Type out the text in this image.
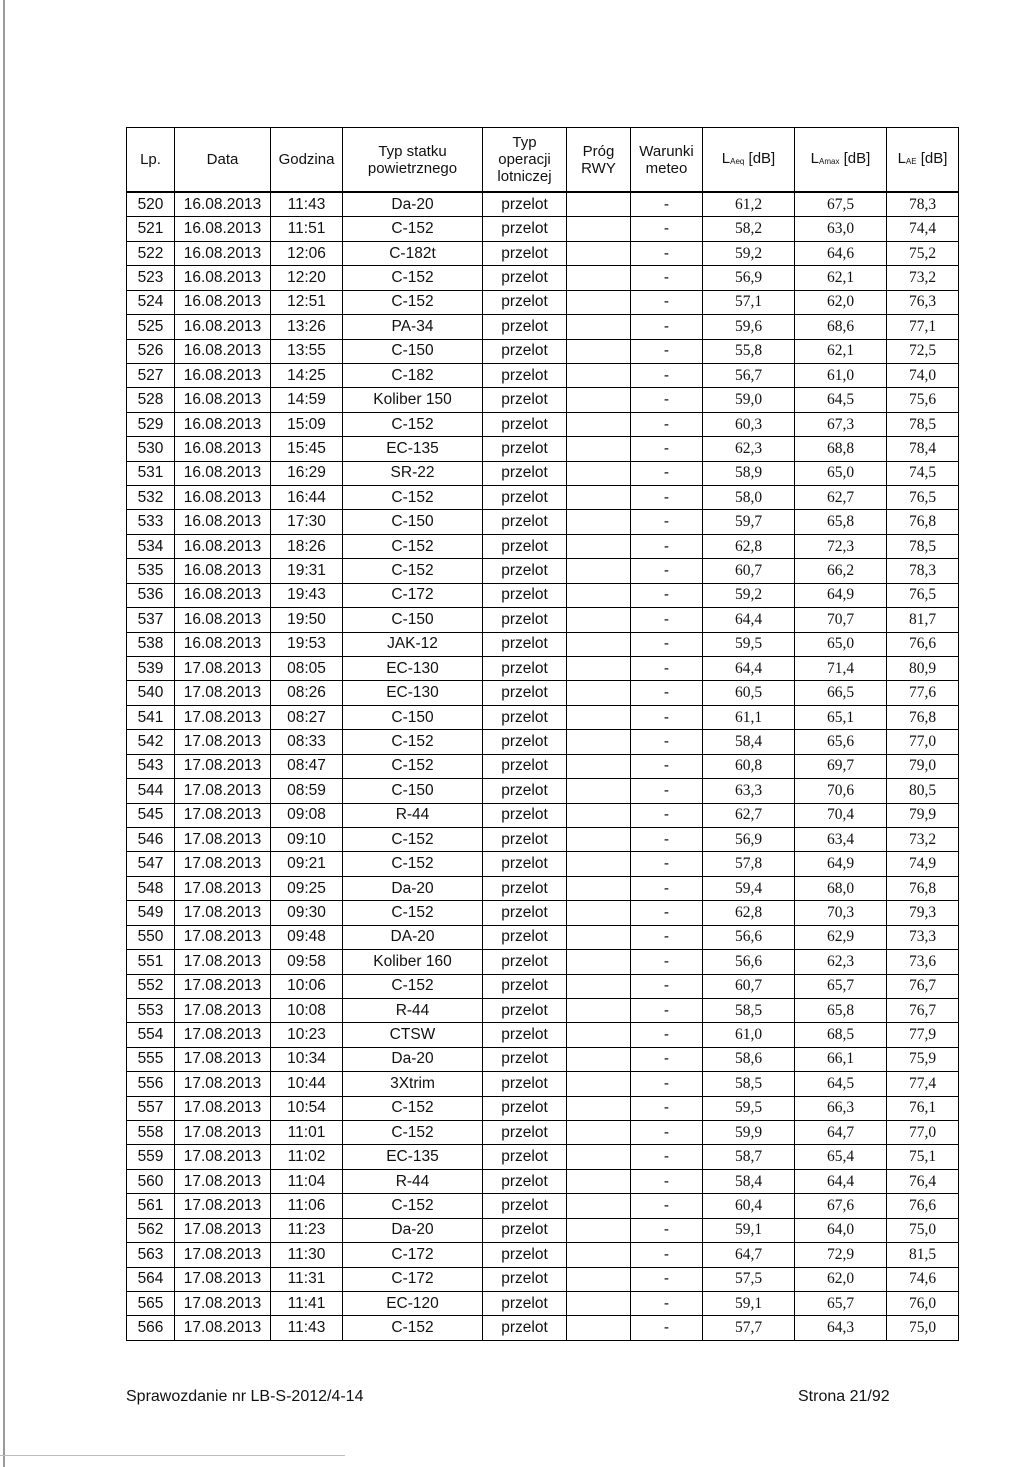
Lp.	Data	Godzina	Typ statku powietrznego	Typ operacji lotniczej	Próg RWY	Warunki meteo	$L_{Aeq}$ [dB]	$L_{Amax}$ [dB]	$L_{AE}$ [dB]
520	16.08.2013	11:43	Da-20	przelot		-	61,2	67,5	78,3
521	16.08.2013	11:51	C-152	przelot		-	58,2	63,0	74,4
522	16.08.2013	12:06	C-182t	przelot		-	59,2	64,6	75,2
523	16.08.2013	12:20	C-152	przelot		-	56,9	62,1	73,2
524	16.08.2013	12:51	C-152	przelot		-	57,1	62,0	76,3
525	16.08.2013	13:26	PA-34	przelot		-	59,6	68,6	77,1
526	16.08.2013	13:55	C-150	przelot		-	55,8	62,1	72,5
527	16.08.2013	14:25	C-182	przelot		-	56,7	61,0	74,0
528	16.08.2013	14:59	Koliber 150	przelot		-	59,0	64,5	75,6
529	16.08.2013	15:09	C-152	przelot		-	60,3	67,3	78,5
530	16.08.2013	15:45	EC-135	przelot		-	62,3	68,8	78,4
531	16.08.2013	16:29	SR-22	przelot		-	58,9	65,0	74,5
532	16.08.2013	16:44	C-152	przelot		-	58,0	62,7	76,5
533	16.08.2013	17:30	C-150	przelot		-	59,7	65,8	76,8
534	16.08.2013	18:26	C-152	przelot		-	62,8	72,3	78,5
535	16.08.2013	19:31	C-152	przelot		-	60,7	66,2	78,3
536	16.08.2013	19:43	C-172	przelot		-	59,2	64,9	76,5
537	16.08.2013	19:50	C-150	przelot		-	64,4	70,7	81,7
538	16.08.2013	19:53	JAK-12	przelot		-	59,5	65,0	76,6
539	17.08.2013	08:05	EC-130	przelot		-	64,4	71,4	80,9
540	17.08.2013	08:26	EC-130	przelot		-	60,5	66,5	77,6
541	17.08.2013	08:27	C-150	przelot		-	61,1	65,1	76,8
542	17.08.2013	08:33	C-152	przelot		-	58,4	65,6	77,0
543	17.08.2013	08:47	C-152	przelot		-	60,8	69,7	79,0
544	17.08.2013	08:59	C-150	przelot		-	63,3	70,6	80,5
545	17.08.2013	09:08	R-44	przelot		-	62,7	70,4	79,9
546	17.08.2013	09:10	C-152	przelot		-	56,9	63,4	73,2
547	17.08.2013	09:21	C-152	przelot		-	57,8	64,9	74,9
548	17.08.2013	09:25	Da-20	przelot		-	59,4	68,0	76,8
549	17.08.2013	09:30	C-152	przelot		-	62,8	70,3	79,3
550	17.08.2013	09:48	DA-20	przelot		-	56,6	62,9	73,3
551	17.08.2013	09:58	Koliber 160	przelot		-	56,6	62,3	73,6
552	17.08.2013	10:06	C-152	przelot		-	60,7	65,7	76,7
553	17.08.2013	10:08	R-44	przelot		-	58,5	65,8	76,7
554	17.08.2013	10:23	CTSW	przelot		-	61,0	68,5	77,9
555	17.08.2013	10:34	Da-20	przelot		-	58,6	66,1	75,9
556	17.08.2013	10:44	3Xtrim	przelot		-	58,5	64,5	77,4
557	17.08.2013	10:54	C-152	przelot		-	59,5	66,3	76,1
558	17.08.2013	11:01	C-152	przelot		-	59,9	64,7	77,0
559	17.08.2013	11:02	EC-135	przelot		-	58,7	65,4	75,1
560	17.08.2013	11:04	R-44	przelot		-	58,4	64,4	76,4
561	17.08.2013	11:06	C-152	przelot		-	60,4	67,6	76,6
562	17.08.2013	11:23	Da-20	przelot		-	59,1	64,0	75,0
563	17.08.2013	11:30	C-172	przelot		-	64,7	72,9	81,5
564	17.08.2013	11:31	C-172	przelot		-	57,5	62,0	74,6
565	17.08.2013	11:41	EC-120	przelot		-	59,1	65,7	76,0
566	17.08.2013	11:43	C-152	przelot		-	57,7	64,3	75,0
Sprawozdanie nr LB-S-2012/4-14	Strona 21/92
